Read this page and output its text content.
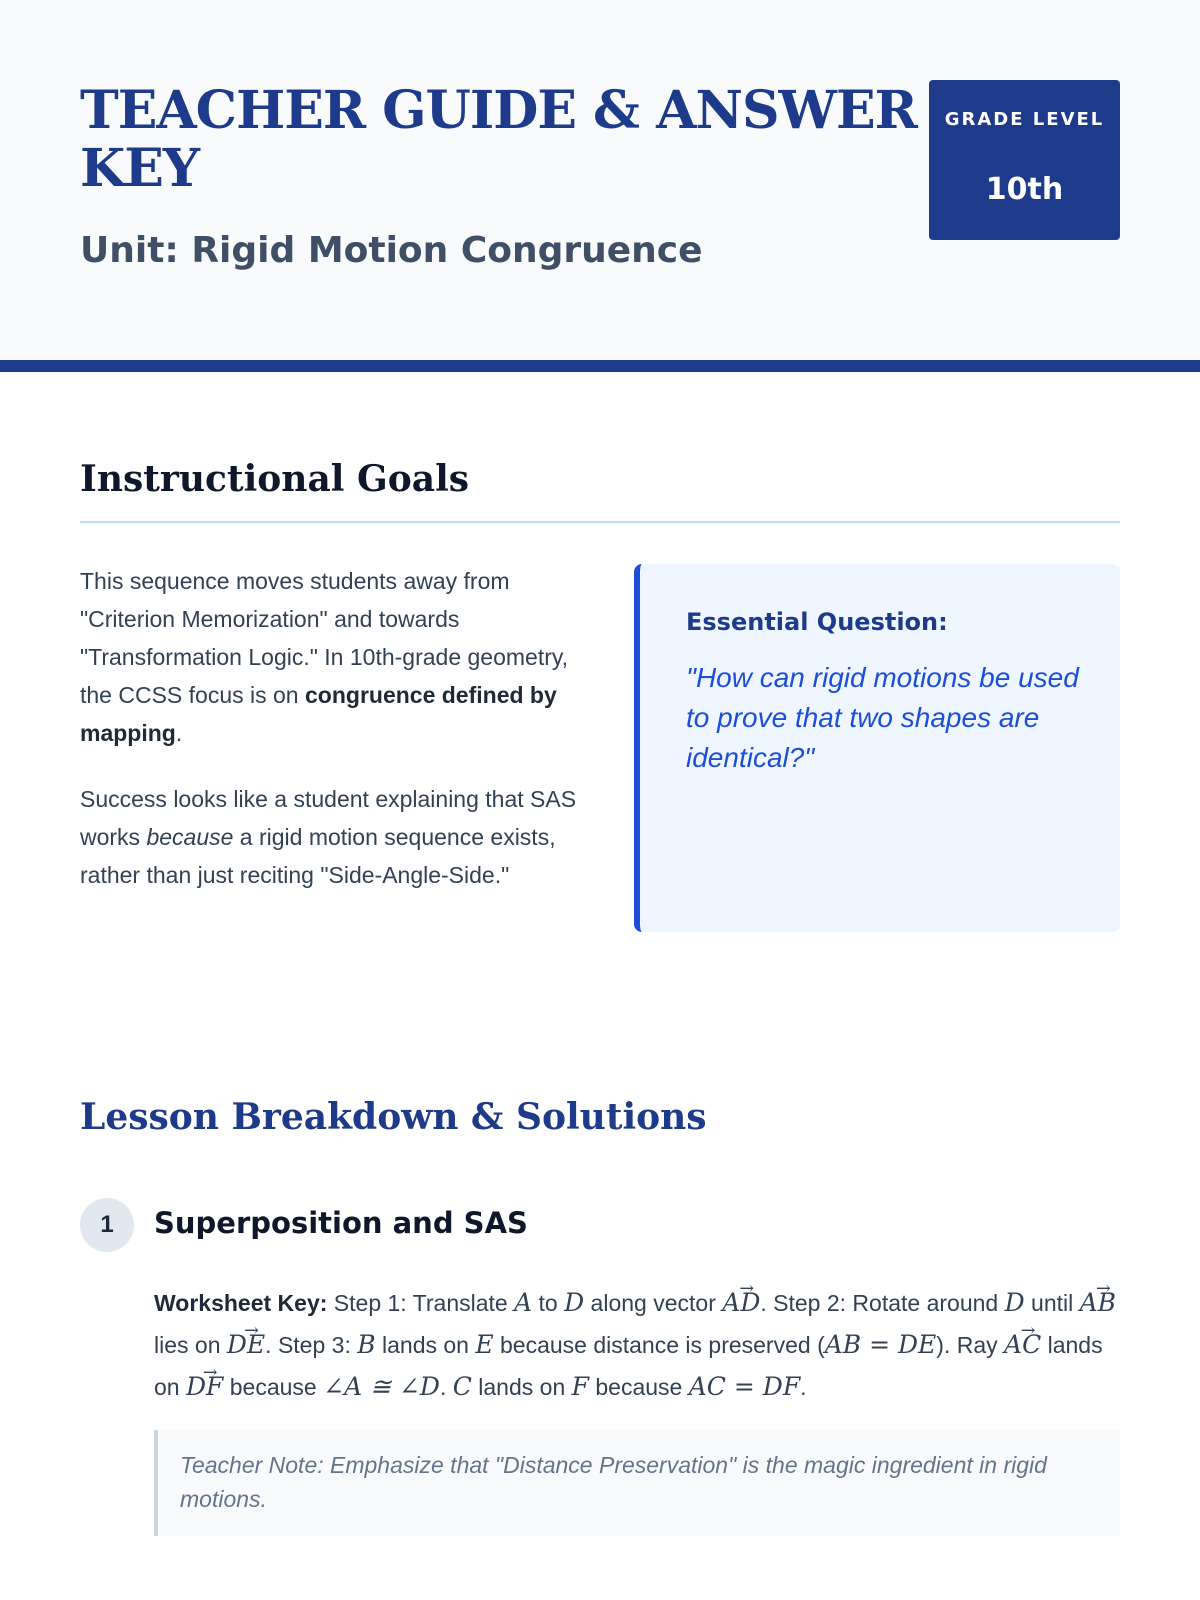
TEACHER GUIDE & ANSWER KEY
Unit: Rigid Motion Congruence
GRADE LEVEL
10th
Instructional Goals
This sequence moves students away from "Criterion Memorization" and towards "Transformation Logic." In 10th-grade geometry, the CCSS focus is on congruence defined by mapping.
Success looks like a student explaining that SAS works because a rigid motion sequence exists, rather than just reciting "Side-Angle-Side."
Essential Question:
"How can rigid motions be used to prove that two shapes are identical?"
Lesson Breakdown & Solutions
1	Superposition and SAS
Worksheet Key: Step 1: Translate A to D along vector → AD. Step 2: Rotate around D until → AB lies on → DE. Step 3: B lands on E because distance is preserved (AB = DE). Ray → AC lands on → DF because ∠A ≅ ∠D. C lands on F because AC = DF.
Teacher Note: Emphasize that "Distance Preservation" is the magic ingredient in rigid motions.
